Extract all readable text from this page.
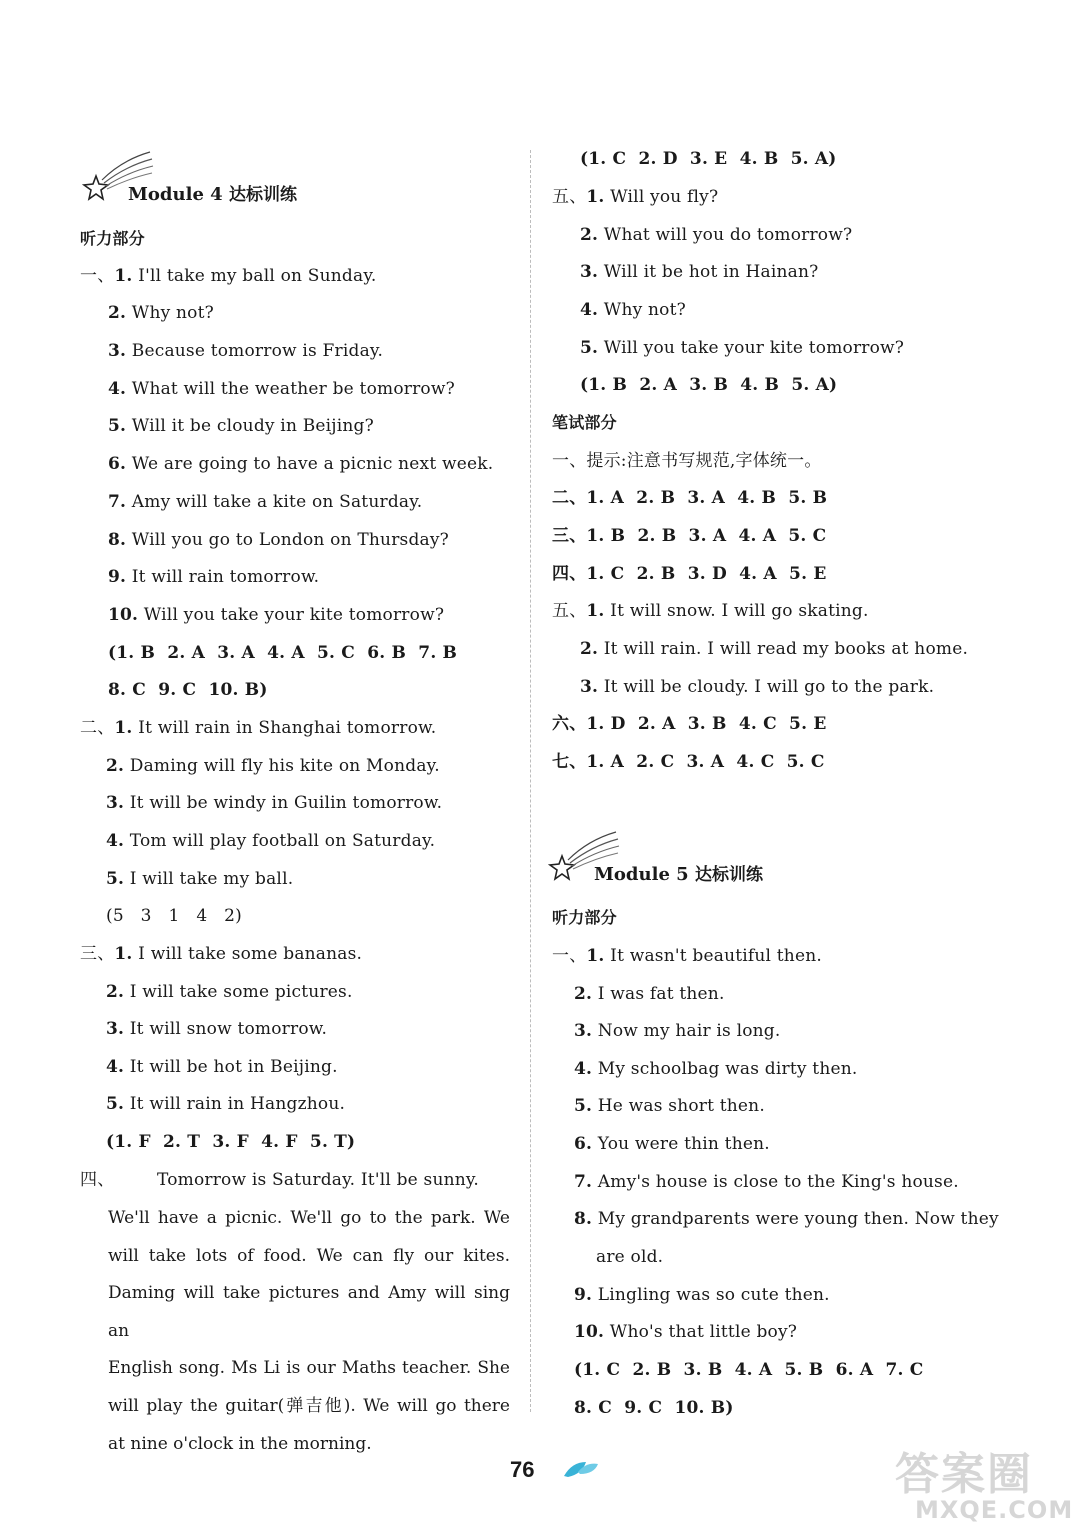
Module 4 达标训练
听力部分
一、1. I'll take my ball on Sunday.
2. Why not?
3. Because tomorrow is Friday.
4. What will the weather be tomorrow?
5. Will it be cloudy in Beijing?
6. We are going to have a picnic next week.
7. Amy will take a kite on Saturday.
8. Will you go to London on Thursday?
9. It will rain tomorrow.
10. Will you take your kite tomorrow?
(1. B  2. A  3. A  4. A  5. C  6. B  7. B
8. C  9. C  10. B)
二、1. It will rain in Shanghai tomorrow.
2. Daming will fly his kite on Monday.
3. It will be windy in Guilin tomorrow.
4. Tom will play football on Saturday.
5. I will take my ball.
(5   3   1   4   2)
三、1. I will take some bananas.
2. I will take some pictures.
3. It will snow tomorrow.
4. It will be hot in Beijing.
5. It will rain in Hangzhou.
(1. F  2. T  3. F  4. F  5. T)
四、	Tomorrow is Saturday. It'll be sunny.
We'll have a picnic. We'll go to the park. We
will take lots of food. We can fly our kites.
Daming will take pictures and Amy will sing an
English song. Ms Li is our Maths teacher. She
will play the guitar(弹吉他). We will go there
at nine o'clock in the morning.
(1. C  2. D  3. E  4. B  5. A)
五、1. Will you fly?
2. What will you do tomorrow?
3. Will it be hot in Hainan?
4. Why not?
5. Will you take your kite tomorrow?
(1. B  2. A  3. B  4. B  5. A)
笔试部分
一、提示:注意书写规范,字体统一。
二、1. A  2. B  3. A  4. B  5. B
三、1. B  2. B  3. A  4. A  5. C
四、1. C  2. B  3. D  4. A  5. E
五、1. It will snow. I will go skating.
2. It will rain. I will read my books at home.
3. It will be cloudy. I will go to the park.
六、1. D  2. A  3. B  4. C  5. E
七、1. A  2. C  3. A  4. C  5. C
Module 5 达标训练
听力部分
一、1. It wasn't beautiful then.
2. I was fat then.
3. Now my hair is long.
4. My schoolbag was dirty then.
5. He was short then.
6. You were thin then.
7. Amy's house is close to the King's house.
8. My grandparents were young then. Now they
are old.
9. Lingling was so cute then.
10. Who's that little boy?
(1. C  2. B  3. B  4. A  5. B  6. A  7. C
8. C  9. C  10. B)
76	答案圈
MXQE.COM
